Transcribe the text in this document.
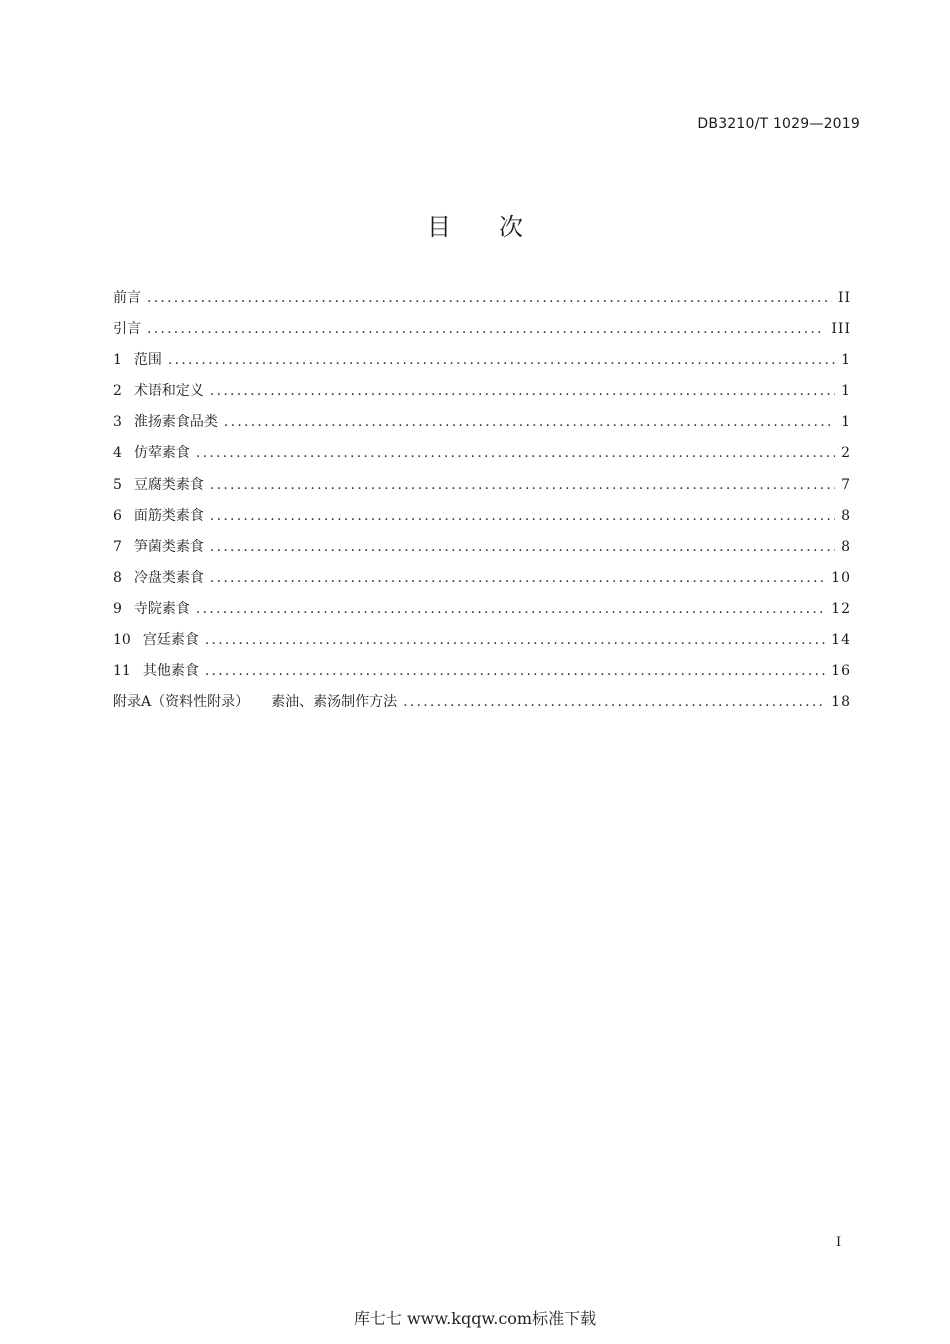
DB3210/T 1029—2019
目次
前言 . . .	II
引言 . . .	III
1 范围 . . .	1
2 术语和定义 . . .	1
3 淮扬素食品类 . . .	1
4 仿荤素食 . . .	2
5 豆腐类素食 . . .	7
6 面筋类素食 . . .	8
7 笋菌类素食 . . .	8
8 冷盘类素食 . . .	10
9 寺院素食 . . .	12
10 宫廷素食 . . .	14
11 其他素食 . . .	16
附录A（资料性附录） 素油、素汤制作方法 . . .	18
I
库七七 www.kqqw.com标准下载
